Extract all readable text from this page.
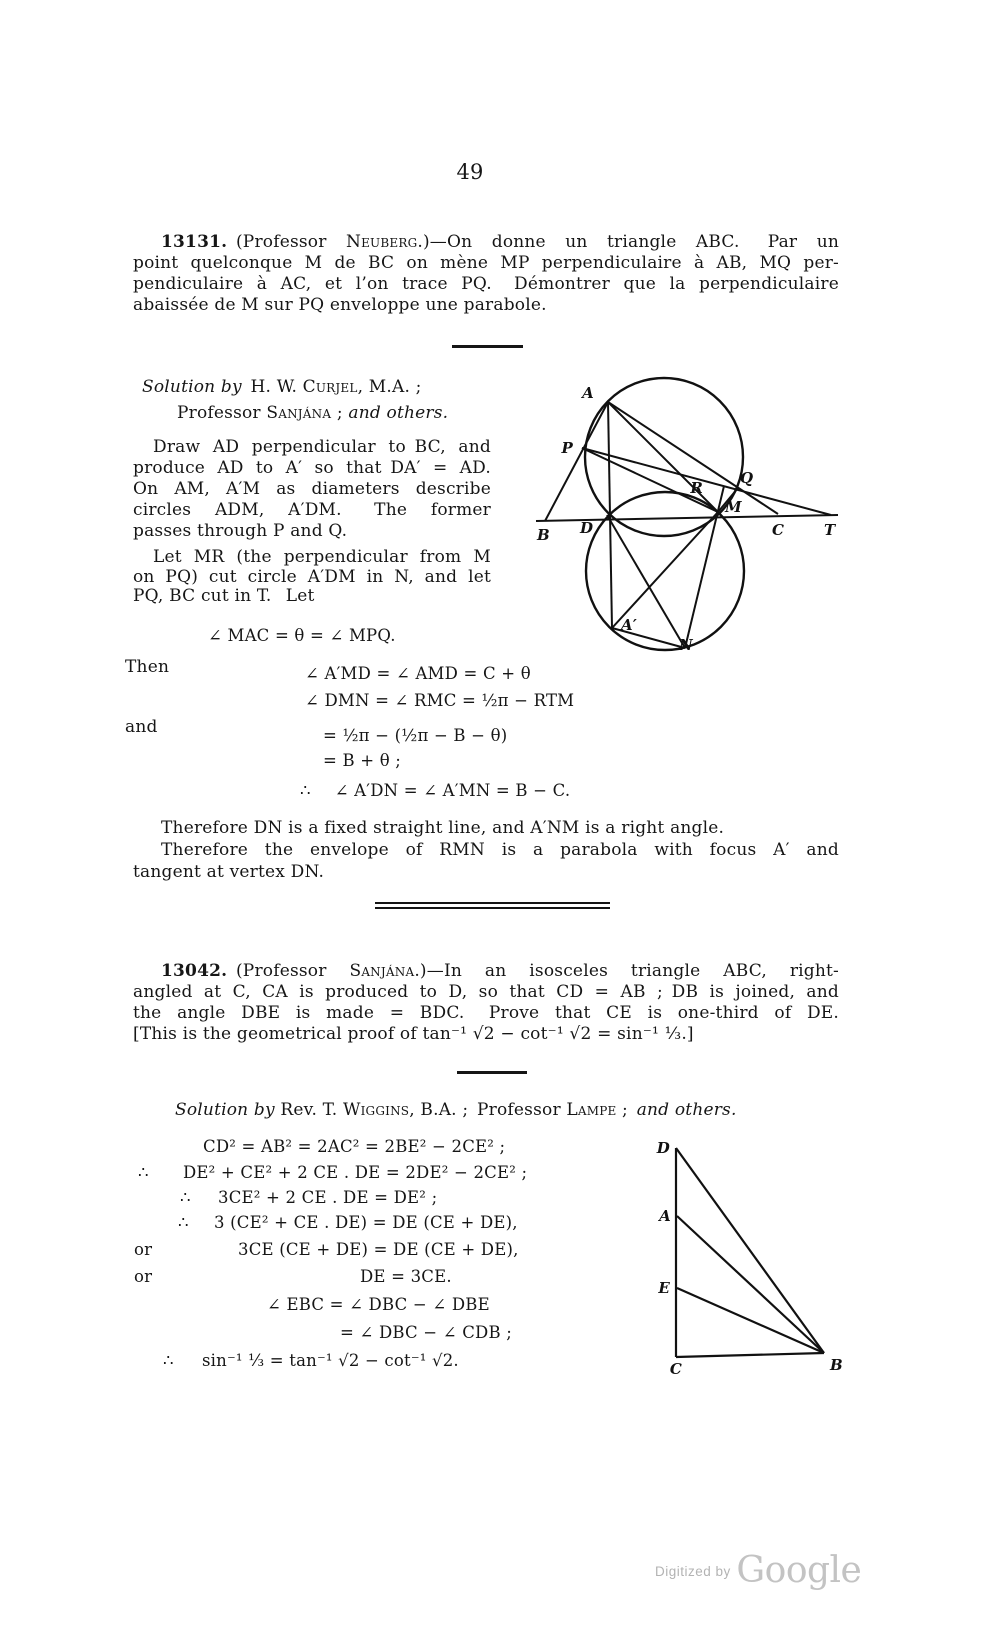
49
13131.  (Professor Neuberg.)—On donne un triangle ABC.  Par un
point quelconque M de BC on mène MP perpendiculaire à AB, MQ per-
pendiculaire à AC, et l’on trace PQ.  Démontrer que la perpendiculaire
abaissée de M sur PQ enveloppe une parabole.
Solution by H. W. Curjel, M.A. ;
Professor Sanjána ; and others.
Draw AD perpendicular to BC, and
produce AD to A′ so that DA′ = AD.
On AM, A′M as diameters describe
circles ADM, A′DM.  The former
passes through P and Q.
Let MR (the perpendicular from M
on PQ) cut circle A′DM in N, and let
PQ, BC cut in T.  Let
A
P
B D
R
Q
M
C	T
A′
N
∠ MAC = θ = ∠ MPQ.
Then	∠ A′MD = ∠ AMD = C + θ
∠ DMN = ∠ RMC = ½π − RTM
and	= ½π − (½π − B − θ)
= B + θ ;
∴ ∠ A′DN = ∠ A′MN = B − C.
Therefore DN is a fixed straight line, and A′NM is a right angle.
Therefore the envelope of RMN is a parabola with focus A′ and
tangent at vertex DN.
13042.  (Professor Sanjána.)—In an isosceles triangle ABC, right-
angled at C, CA is produced to D, so that CD = AB ; DB is joined, and
the angle DBE is made = BDC.  Prove that CE is one-third of DE.
[This is the geometrical proof of tan⁻¹ √2 − cot⁻¹ √2 = sin⁻¹ ⅓.]
Solution by Rev. T. Wiggins, B.A. ; Professor Lampe ; and others.
CD² = AB² = 2AC² = 2BE² − 2CE² ;
∴ DE² + CE² + 2 CE . DE = 2DE² − 2CE² ;
∴ 3CE² + 2 CE . DE = DE² ;
∴ 3 (CE² + CE . DE) = DE (CE + DE),
or	3CE (CE + DE) = DE (CE + DE),
or	DE = 3CE.
∠ EBC = ∠ DBC − ∠ DBE
= ∠ DBC − ∠ CDB ;
∴ sin⁻¹ ⅓ = tan⁻¹ √2 − cot⁻¹ √2.
D
A
E
C	B
$^{Digitized by}$ Google
